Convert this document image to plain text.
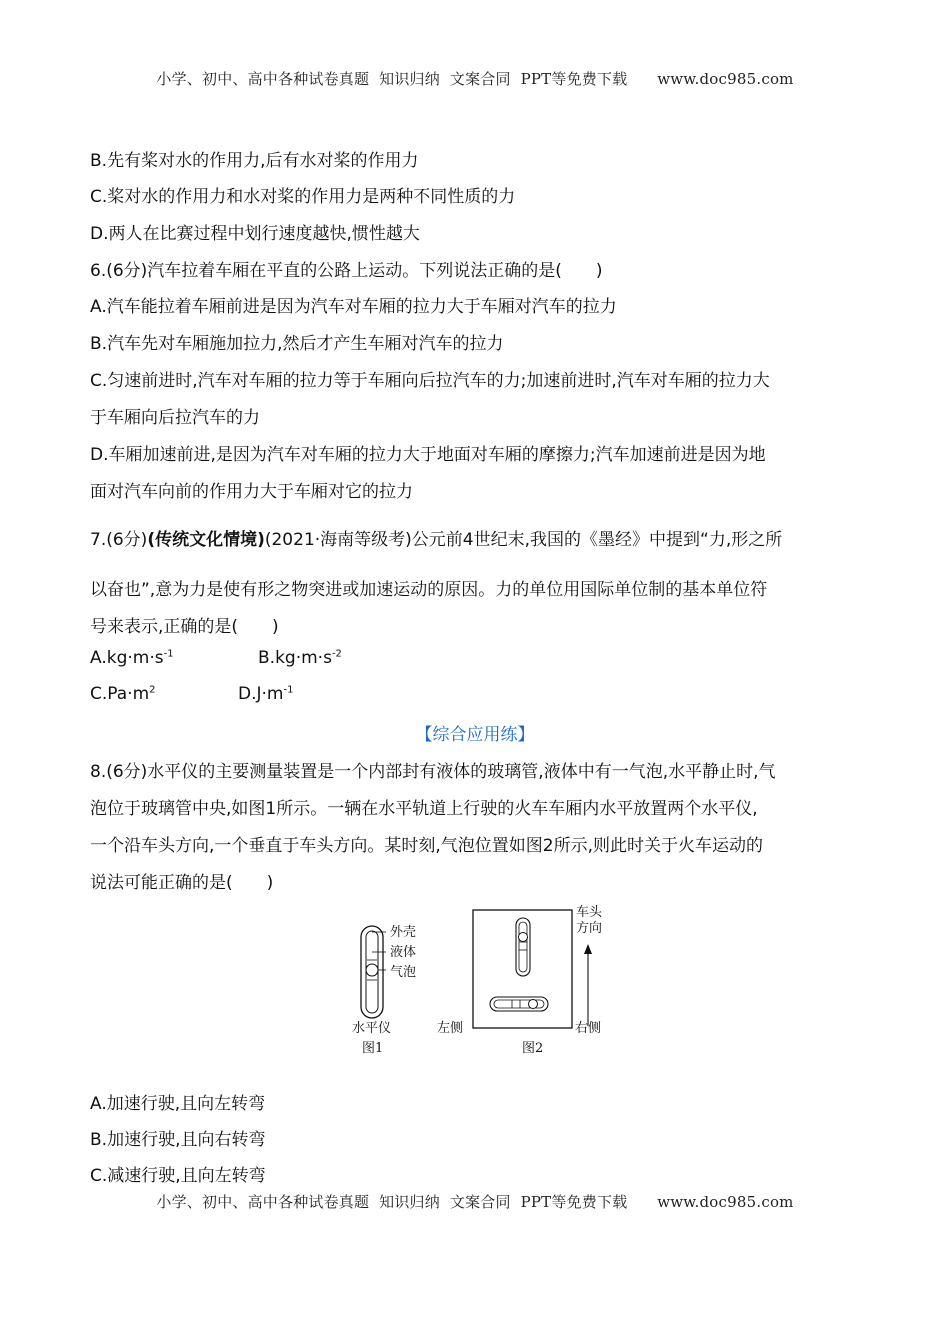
小学、初中、高中各种试卷真题  知识归纳  文案合同  PPT等免费下载      www.doc985.com
B.先有桨对水的作用力,后有水对桨的作用力
C.桨对水的作用力和水对桨的作用力是两种不同性质的力
D.两人在比赛过程中划行速度越快,惯性越大
6.(6分)汽车拉着车厢在平直的公路上运动。下列说法正确的是(　　)
A.汽车能拉着车厢前进是因为汽车对车厢的拉力大于车厢对汽车的拉力
B.汽车先对车厢施加拉力,然后才产生车厢对汽车的拉力
C.匀速前进时,汽车对车厢的拉力等于车厢向后拉汽车的力;加速前进时,汽车对车厢的拉力大
于车厢向后拉汽车的力
D.车厢加速前进,是因为汽车对车厢的拉力大于地面对车厢的摩擦力;汽车加速前进是因为地
面对汽车向前的作用力大于车厢对它的拉力
7.(6分)(传统文化情境)(2021·海南等级考)公元前4世纪末,我国的《墨经》中提到“力,形之所
以奋也”,意为力是使有形之物突进或加速运动的原因。力的单位用国际单位制的基本单位符
号来表示,正确的是(　　)
$A.kg\cdot m\cdot s^{-1}$	$B.kg\cdot m\cdot s^{-2}$
$C.Pa\cdot m^2$	$D.J\cdot m^{-1}$
【综合应用练】
8.(6分)水平仪的主要测量装置是一个内部封有液体的玻璃管,液体中有一气泡,水平静止时,气
泡位于玻璃管中央,如图1所示。一辆在水平轨道上行驶的火车车厢内水平放置两个水平仪,
一个沿车头方向,一个垂直于车头方向。某时刻,气泡位置如图2所示,则此时关于火车运动的
说法可能正确的是(　　)
外壳
液体
气泡
水平仪
图1
车头
方向
左侧	右侧
图2
A.加速行驶,且向左转弯
B.加速行驶,且向右转弯
C.减速行驶,且向左转弯
小学、初中、高中各种试卷真题  知识归纳  文案合同  PPT等免费下载      www.doc985.com
